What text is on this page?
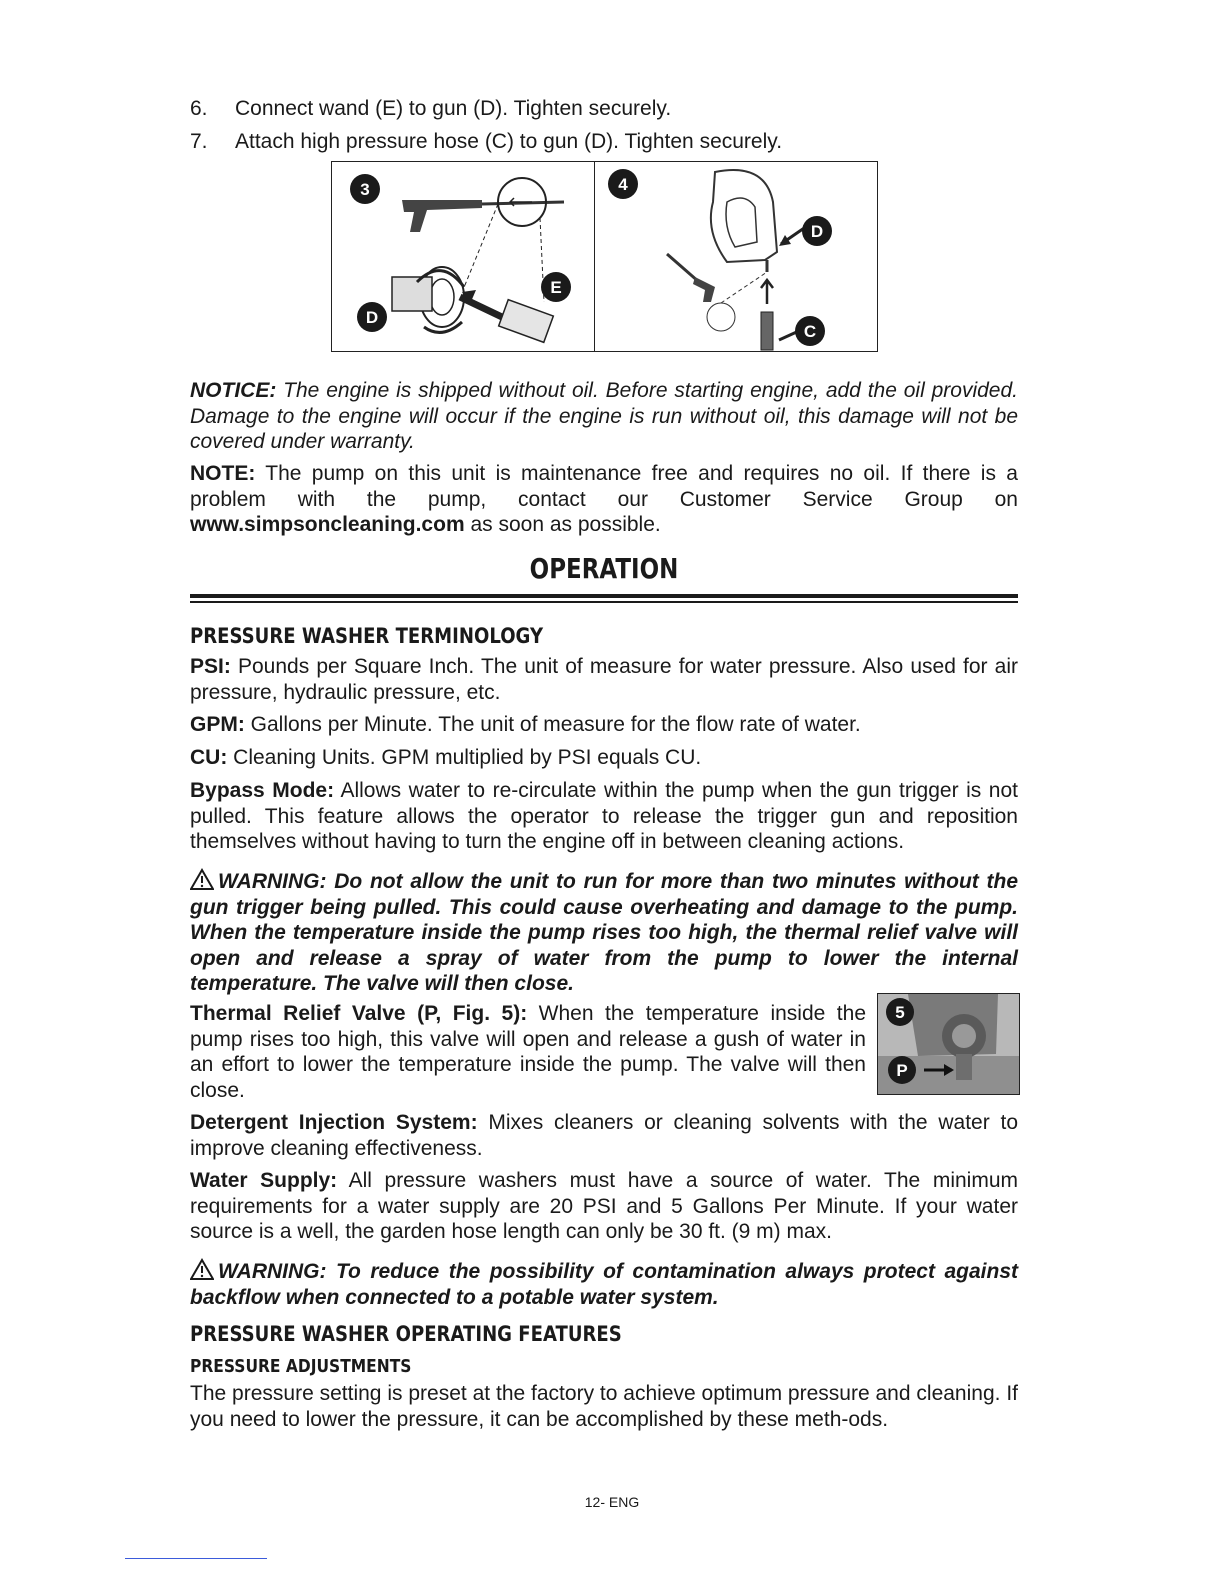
6.	Connect wand (E) to gun (D). Tighten securely.
7.	Attach high pressure hose (C) to gun (D). Tighten securely.
3
D
E
4
D
C
NOTICE: The engine is shipped without oil. Before starting engine, add the oil provided. Damage to the engine will occur if the engine is run without oil, this damage will not be covered under warranty.
NOTE: The pump on this unit is maintenance free and requires no oil. If there is a problem with the pump, contact our Customer Service Group on www.simpsoncleaning.com as soon as possible.
OPERATION
PRESSURE WASHER TERMINOLOGY
PSI: Pounds per Square Inch. The unit of measure for water pressure. Also used for air pressure, hydraulic pressure, etc.
GPM: Gallons per Minute. The unit of measure for the flow rate of water.
CU: Cleaning Units. GPM multiplied by PSI equals CU.
Bypass Mode: Allows water to re-circulate within the pump when the gun trigger is not pulled. This feature allows the operator to release the trigger gun and reposition themselves without having to turn the engine off in between cleaning actions.
WARNING: Do not allow the unit to run for more than two minutes without the gun trigger being pulled. This could cause overheating and damage to the pump. When the temperature inside the pump rises too high, the thermal relief valve will open and release a spray of water from the pump to lower the internal temperature. The valve will then close.
Thermal Relief Valve (P, Fig. 5): When the temperature inside the pump rises too high, this valve will open and release a gush of water in an effort to lower the temperature inside the pump. The valve will then close.
5
P
Detergent Injection System: Mixes cleaners or cleaning solvents with the water to improve cleaning effectiveness.
Water Supply: All pressure washers must have a source of water. The minimum requirements for a water supply are 20 PSI and 5 Gallons Per Minute. If your water source is a well, the garden hose length can only be 30 ft. (9 m) max.
WARNING: To reduce the possibility of contamination always protect against backflow when connected to a potable water system.
PRESSURE WASHER OPERATING FEATURES
PRESSURE ADJUSTMENTS
The pressure setting is preset at the factory to achieve optimum pressure and cleaning. If you need to lower the pressure, it can be accomplished by these meth-ods.
12- ENG
